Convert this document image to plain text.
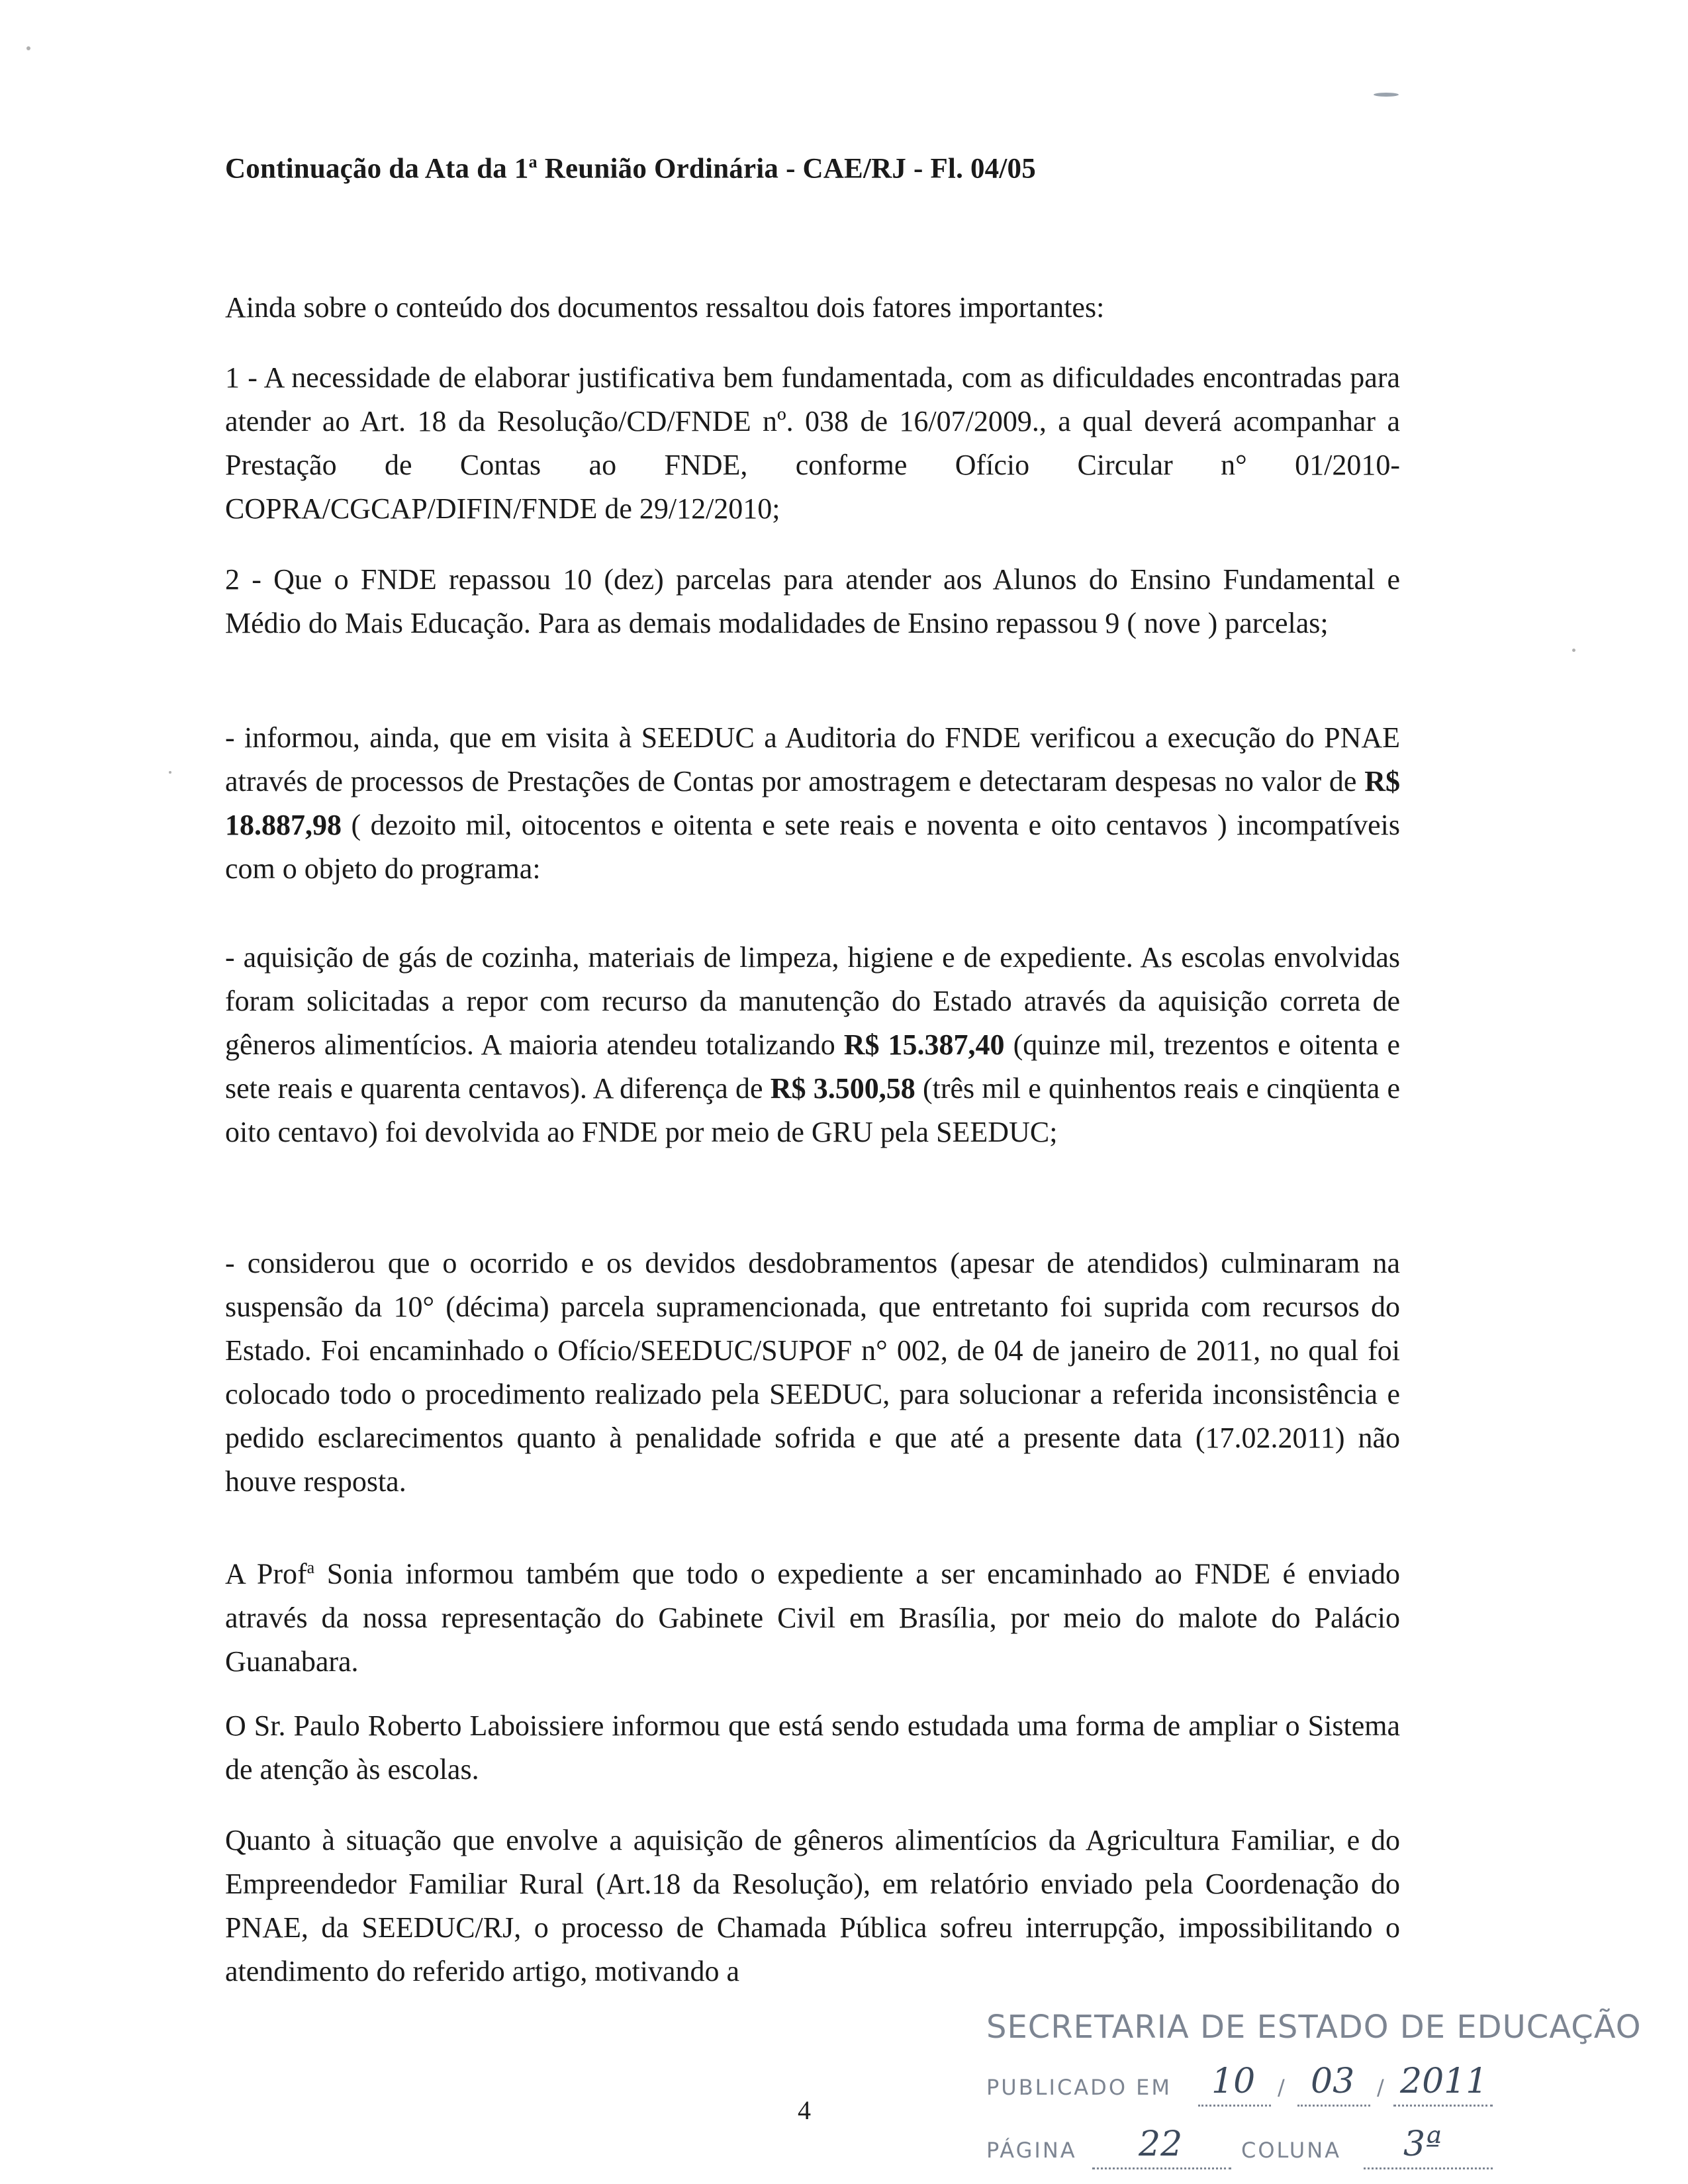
Continuação da Ata da 1$^a$ Reunião Ordinária - CAE/RJ - Fl. 04/05

Ainda sobre o conteúdo dos documentos ressaltou dois fatores importantes:

1 - A necessidade de elaborar justificativa bem fundamentada, com as dificuldades encontradas para atender ao Art. 18 da Resolução/CD/FNDE nº. 038 de 16/07/2009., a qual deverá acompanhar a Prestação de Contas ao FNDE, conforme Ofício Circular n° 01/2010-COPRA/CGCAP/DIFIN/FNDE de 29/12/2010;

2 - Que o FNDE repassou 10 (dez) parcelas para atender aos Alunos do Ensino Fundamental e Médio do Mais Educação. Para as demais modalidades de Ensino repassou 9 ( nove ) parcelas;

- informou, ainda, que em visita à SEEDUC a Auditoria do FNDE verificou a execução do PNAE através de processos de Prestações de Contas por amostragem e detectaram despesas no valor de R$ 18.887,98 ( dezoito mil, oitocentos e oitenta e sete reais e noventa e oito centavos ) incompatíveis com o objeto do programa:

- aquisição de gás de cozinha, materiais de limpeza, higiene e de expediente. As escolas envolvidas foram solicitadas a repor com recurso da manutenção do Estado através da aquisição correta de gêneros alimentícios. A maioria atendeu totalizando R$ 15.387,40 (quinze mil, trezentos e oitenta e sete reais e quarenta centavos). A diferença de R$ 3.500,58 (três mil e quinhentos reais e cinqüenta e oito centavo) foi devolvida ao FNDE por meio de GRU pela SEEDUC;

- considerou que o ocorrido e os devidos desdobramentos (apesar de atendidos) culminaram na suspensão da 10° (décima) parcela supramencionada, que entretanto foi suprida com recursos do Estado. Foi encaminhado o Ofício/SEEDUC/SUPOF n° 002, de 04 de janeiro de 2011, no qual foi colocado todo o procedimento realizado pela SEEDUC, para solucionar a referida inconsistência e pedido esclarecimentos quanto à penalidade sofrida e que até a presente data (17.02.2011) não houve resposta.

A Prof$^a$ Sonia informou também que todo o expediente a ser encaminhado ao FNDE é enviado através da nossa representação do Gabinete Civil em Brasília, por meio do malote do Palácio Guanabara.

O Sr. Paulo Roberto Laboissiere informou que está sendo estudada uma forma de ampliar o Sistema de atenção às escolas.

Quanto à situação que envolve a aquisição de gêneros alimentícios da Agricultura Familiar, e do Empreendedor Familiar Rural (Art.18 da Resolução), em relatório enviado pela Coordenação do PNAE, da SEEDUC/RJ, o processo de Chamada Pública sofreu interrupção, impossibilitando o atendimento do referido artigo, motivando a

4
SECRETARIA DE ESTADO DE EDUCAÇÃO
PUBLICADO EM 10 / 03 / 2011
PÁGINA 22	COLUNA 3ª
